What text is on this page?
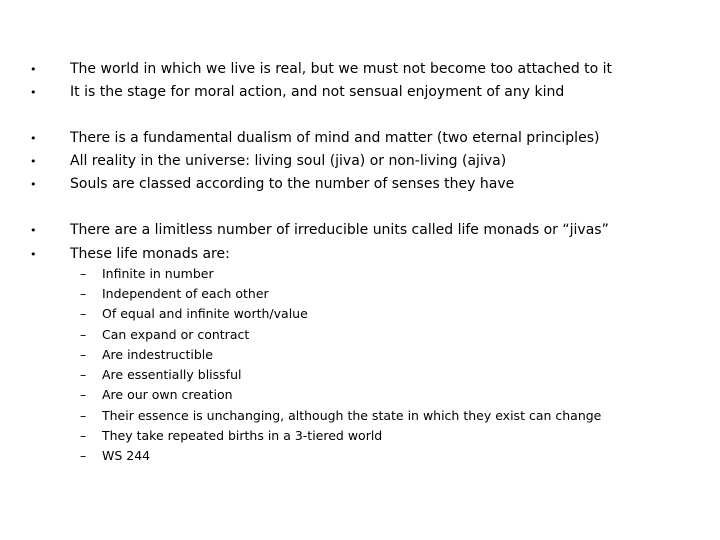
•	The world in which we live is real, but we must not become too attached to it
•	It is the stage for moral action, and not sensual enjoyment of any kind
•	There is a fundamental dualism of mind and matter (two eternal principles)
•	All reality in the universe: living soul (jiva) or non-living (ajiva)
•	Souls are classed according to the number of senses they have
•	There are a limitless number of irreducible units called life monads or “jivas”
•	These life monads are:
–	Infinite in number
–	Independent of each other
–	Of equal and infinite worth/value
–	Can expand or contract
–	Are indestructible
–	Are essentially blissful
–	Are our own creation
–	Their essence is unchanging, although the state in which they exist can change
–	They take repeated births in a 3-tiered world
–	WS 244
